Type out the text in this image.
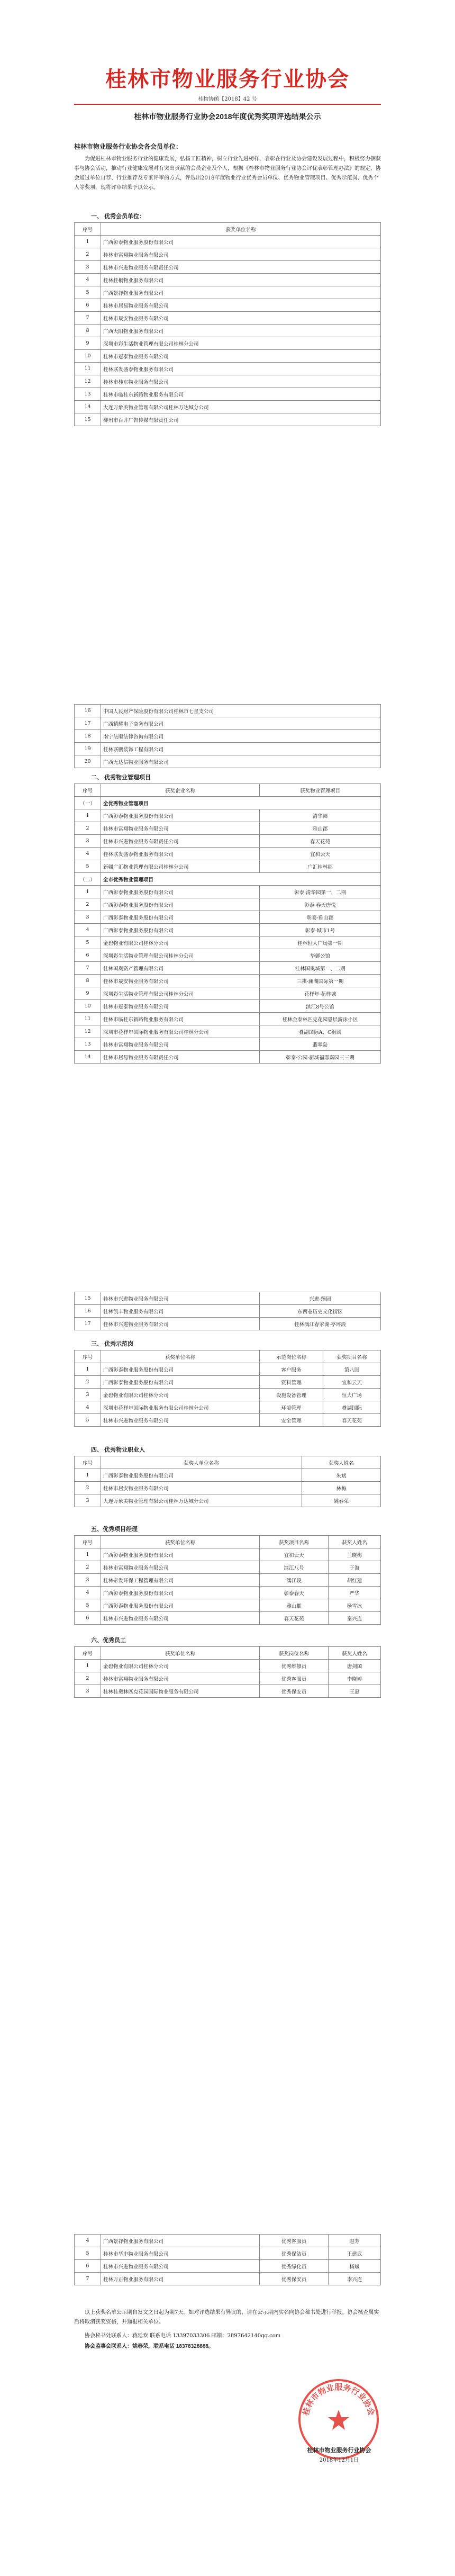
桂林市物业服务行业协会
桂物协函【2018】42 号
桂林市物业服务行业协会2018年度优秀奖项评选结果公示
桂林市物业服务行业协会各会员单位：

为促进桂林市物业服务行业的健康发展，弘扬工匠精神，树立行业先进榜样，表彰在行业及协会建设发展过程中，积极努力捆获事与协会活动，推动行业健康发展对有突出贡献的会员企业及个人，根据《桂林市物业服务行业协会评优表彰管理办法》的规定，协会通过单位自荐、行业推荐及专家评审的方式，评选出2018年度物业行业优秀会员单位、优秀物业管理项目、优秀示范岗、优秀个人等奖项，现将评审结果予以公示。

一、 优秀会员单位：
序号	获奖单位名称
1	广西彰泰物业服务股份有限公司
2	桂林市富翔物业服务有限公司
3	桂林市兴进物业服务有限责任公司
4	桂林桂桐物业服务有限公司
5	广西景祥物业服务有限公司
6	桂林市居易物业服务有限公司
7	桂林市晟安物业服务有限公司
8	广西天阳物业服务有限公司
9	深圳市彩生活物业管理有限公司桂林分公司
10	桂林市冠泰物业服务有限公司
11	桂林联发盛泰物业服务有限公司
12	桂林市桂东物业服务有限公司
13	桂林市临桂东新路物业服务有限公司
14	大连万象美物业管理有限公司桂林万达城分公司
15	柳州市百井广告传媒有限责任公司
16	中国人民财产保险股份有限公司桂林市七星支公司
17	广西精耀电子商务有限公司
18	南宁法顺法律咨询有限公司
19	桂林联鹏装饰工程有限公司
20	广西无达信物业服务有限公司
二、 优秀物业管理项目
序号	获奖企业名称	获奖物业管理项目
（一）	全优秀物业管理项目	
1	广西彰泰物业服务股份有限公司	清华园
2	桂林市富翔物业服务有限公司	雅山郡
3	桂林市兴进物业服务有限责任公司	春天花苑
4	桂林联发盛泰物业服务有限公司	宜和云天
5	新疆广汇物业管理有限公司桂林分公司	广汇桂林郡
（二）	全市优秀物业管理项目	
1	广西彰泰物业服务股份有限公司	彰泰·清华园第一、二期
2	广西彰泰物业服务股份有限公司	彰泰·春天唐悦
3	广西彰泰物业服务股份有限公司	彰泰·雅山郡
4	广西彰泰物业服务股份有限公司	彰泰·城市1号
5	金碧物业有限公司桂林分公司	桂林恒大广场第一期
6	深圳彩生活物业管理有限公司桂林分公司	华御公馆
7	桂林国奥资产管理有限公司	桂林国奥城第一、二期
8	桂林市晟安物业服务有限公司	三祺·澜湖国际第一期
9	深圳彩生活物业管理有限公司桂林分公司	花样年·花样城
10	桂林市冠泰物业服务有限公司	滨江8号公馆
11	桂林市临桂东新路物业服务有限公司	桂林金泰林匹克花园恩层游泳小区
12	深圳市花样年国际物业服务有限公司桂林分公司	叠湖国际A、C组团
13	桂林市富翔物业服务有限公司	翡翠岛
14	桂林市居易物业服务有限责任公司	彰泰·公园·新城福邸嘉园三三期
15	桂林市兴进物业服务有限公司	兴进·臻园
16	桂林凯丰物业服务有限公司	东西巷历史文化街区
17	桂林市兴进物业服务有限公司	桂林漓江春家湖·亭坪段
三、 优秀示范岗
序号	获奖单位名称	示范岗位名称	获奖项目名称
1	广西彰泰物业服务股份有限公司	客户服务	第八国
2	广西彰泰物业服务股份有限公司	资料管理	宜和云天
3	金碧物业有限公司桂林分公司	设施设备管理	恒大广场
4	深圳市花样年国际物业服务有限公司桂林分公司	环境管理	叠湖国际
5	桂林市兴进物业服务有限公司	安全管理	春天花苑
四、 优秀物业职业人
序号	获奖人单位名称	获奖人姓名
1	广西彰泰物业服务股份有限公司	朱斌
2	桂林市居安物业服务有限公司	林梅
3	大连万象美物业管理有限公司桂林万达城分公司	姚春荣
五、优秀项目经理
序号	获奖单位名称	获奖项目名称	获奖人姓名
1	广西彰泰物业服务股份有限公司	宜和云天	兰晓梅
2	桂林市富翔物业服务有限公司	滨江八号	于海
3	桂林帝发环保工程管理有限公司	漓江段	胡红建
4	广西彰泰物业服务股份有限公司	彰泰春天	严华
5	广西彰泰物业服务股份有限公司	雅山郡	杨雪冰
6	桂林市兴进物业服务有限公司	春天花苑	秦兴连
六、优秀员工
序号	获奖单位名称	获奖岗位名称	获奖人姓名
1	金碧物业有限公司桂林分公司	优秀维修员	唐剑国
2	桂林市富翔物业服务有限公司	优秀客服员	李晓婷
3	桂林桂奥林匹克花园国际物业服务有限公司	优秀保安员	王惠
4	广西景祥物业服务有限公司	优秀客服员	赵芳
5	桂林市华中物业服务有限公司	优秀保洁员	王建武
6	桂林市兴进物业服务有限公司	优秀绿化员	杨斌
7	桂林万正物业服务有限公司	优秀保安员	李兴连

以上获奖名单公示期自发文之日起为期7天。如对评选结果有异议的，请在公示期内实名向协会秘书处进行举报。协会核查属实后将取消获奖资格，并通报相关单位。

协会秘书处联系人：蒋廷欢 联系电话 13397033306 邮箱：2897642140qq.com
协会监事会联系人：姚春荣，联系电话 18378328888。
桂林市物业服务行业协会
桂林市物业服务行业协会
2018年12月1日
